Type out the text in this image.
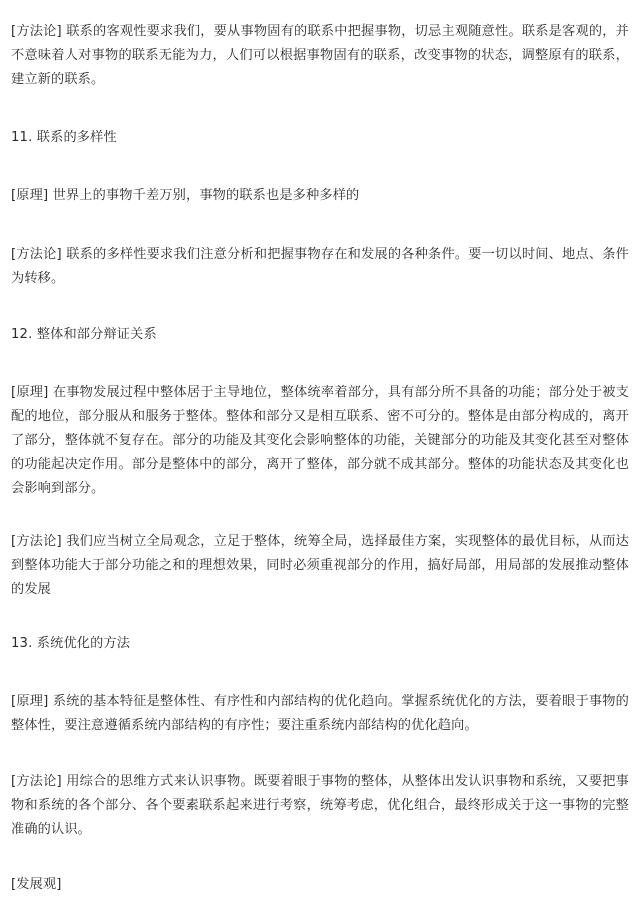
[方法论] 联系的客观性要求我们，要从事物固有的联系中把握事物，切忌主观随意性。联系是客观的，并不意味着人对事物的联系无能为力，人们可以根据事物固有的联系，改变事物的状态，调整原有的联系，建立新的联系。

11. 联系的多样性

[原理] 世界上的事物千差万别，事物的联系也是多种多样的

[方法论] 联系的多样性要求我们注意分析和把握事物存在和发展的各种条件。要一切以时间、地点、条件为转移。

12. 整体和部分辩证关系

[原理] 在事物发展过程中整体居于主导地位，整体统率着部分，具有部分所不具备的功能；部分处于被支配的地位，部分服从和服务于整体。整体和部分又是相互联系、密不可分的。整体是由部分构成的，离开了部分，整体就不复存在。部分的功能及其变化会影响整体的功能，关键部分的功能及其变化甚至对整体的功能起决定作用。部分是整体中的部分，离开了整体，部分就不成其部分。整体的功能状态及其变化也会影响到部分。

[方法论] 我们应当树立全局观念，立足于整体，统筹全局，选择最佳方案，实现整体的最优目标，从而达到整体功能大于部分功能之和的理想效果，同时必须重视部分的作用，搞好局部，用局部的发展推动整体的发展

13. 系统优化的方法

[原理] 系统的基本特征是整体性、有序性和内部结构的优化趋向。掌握系统优化的方法，要着眼于事物的整体性，要注意遵循系统内部结构的有序性；要注重系统内部结构的优化趋向。

[方法论] 用综合的思维方式来认识事物。既要着眼于事物的整体，从整体出发认识事物和系统，又要把事物和系统的各个部分、各个要素联系起来进行考察，统筹考虑，优化组合，最终形成关于这一事物的完整准确的认识。

[发展观]
